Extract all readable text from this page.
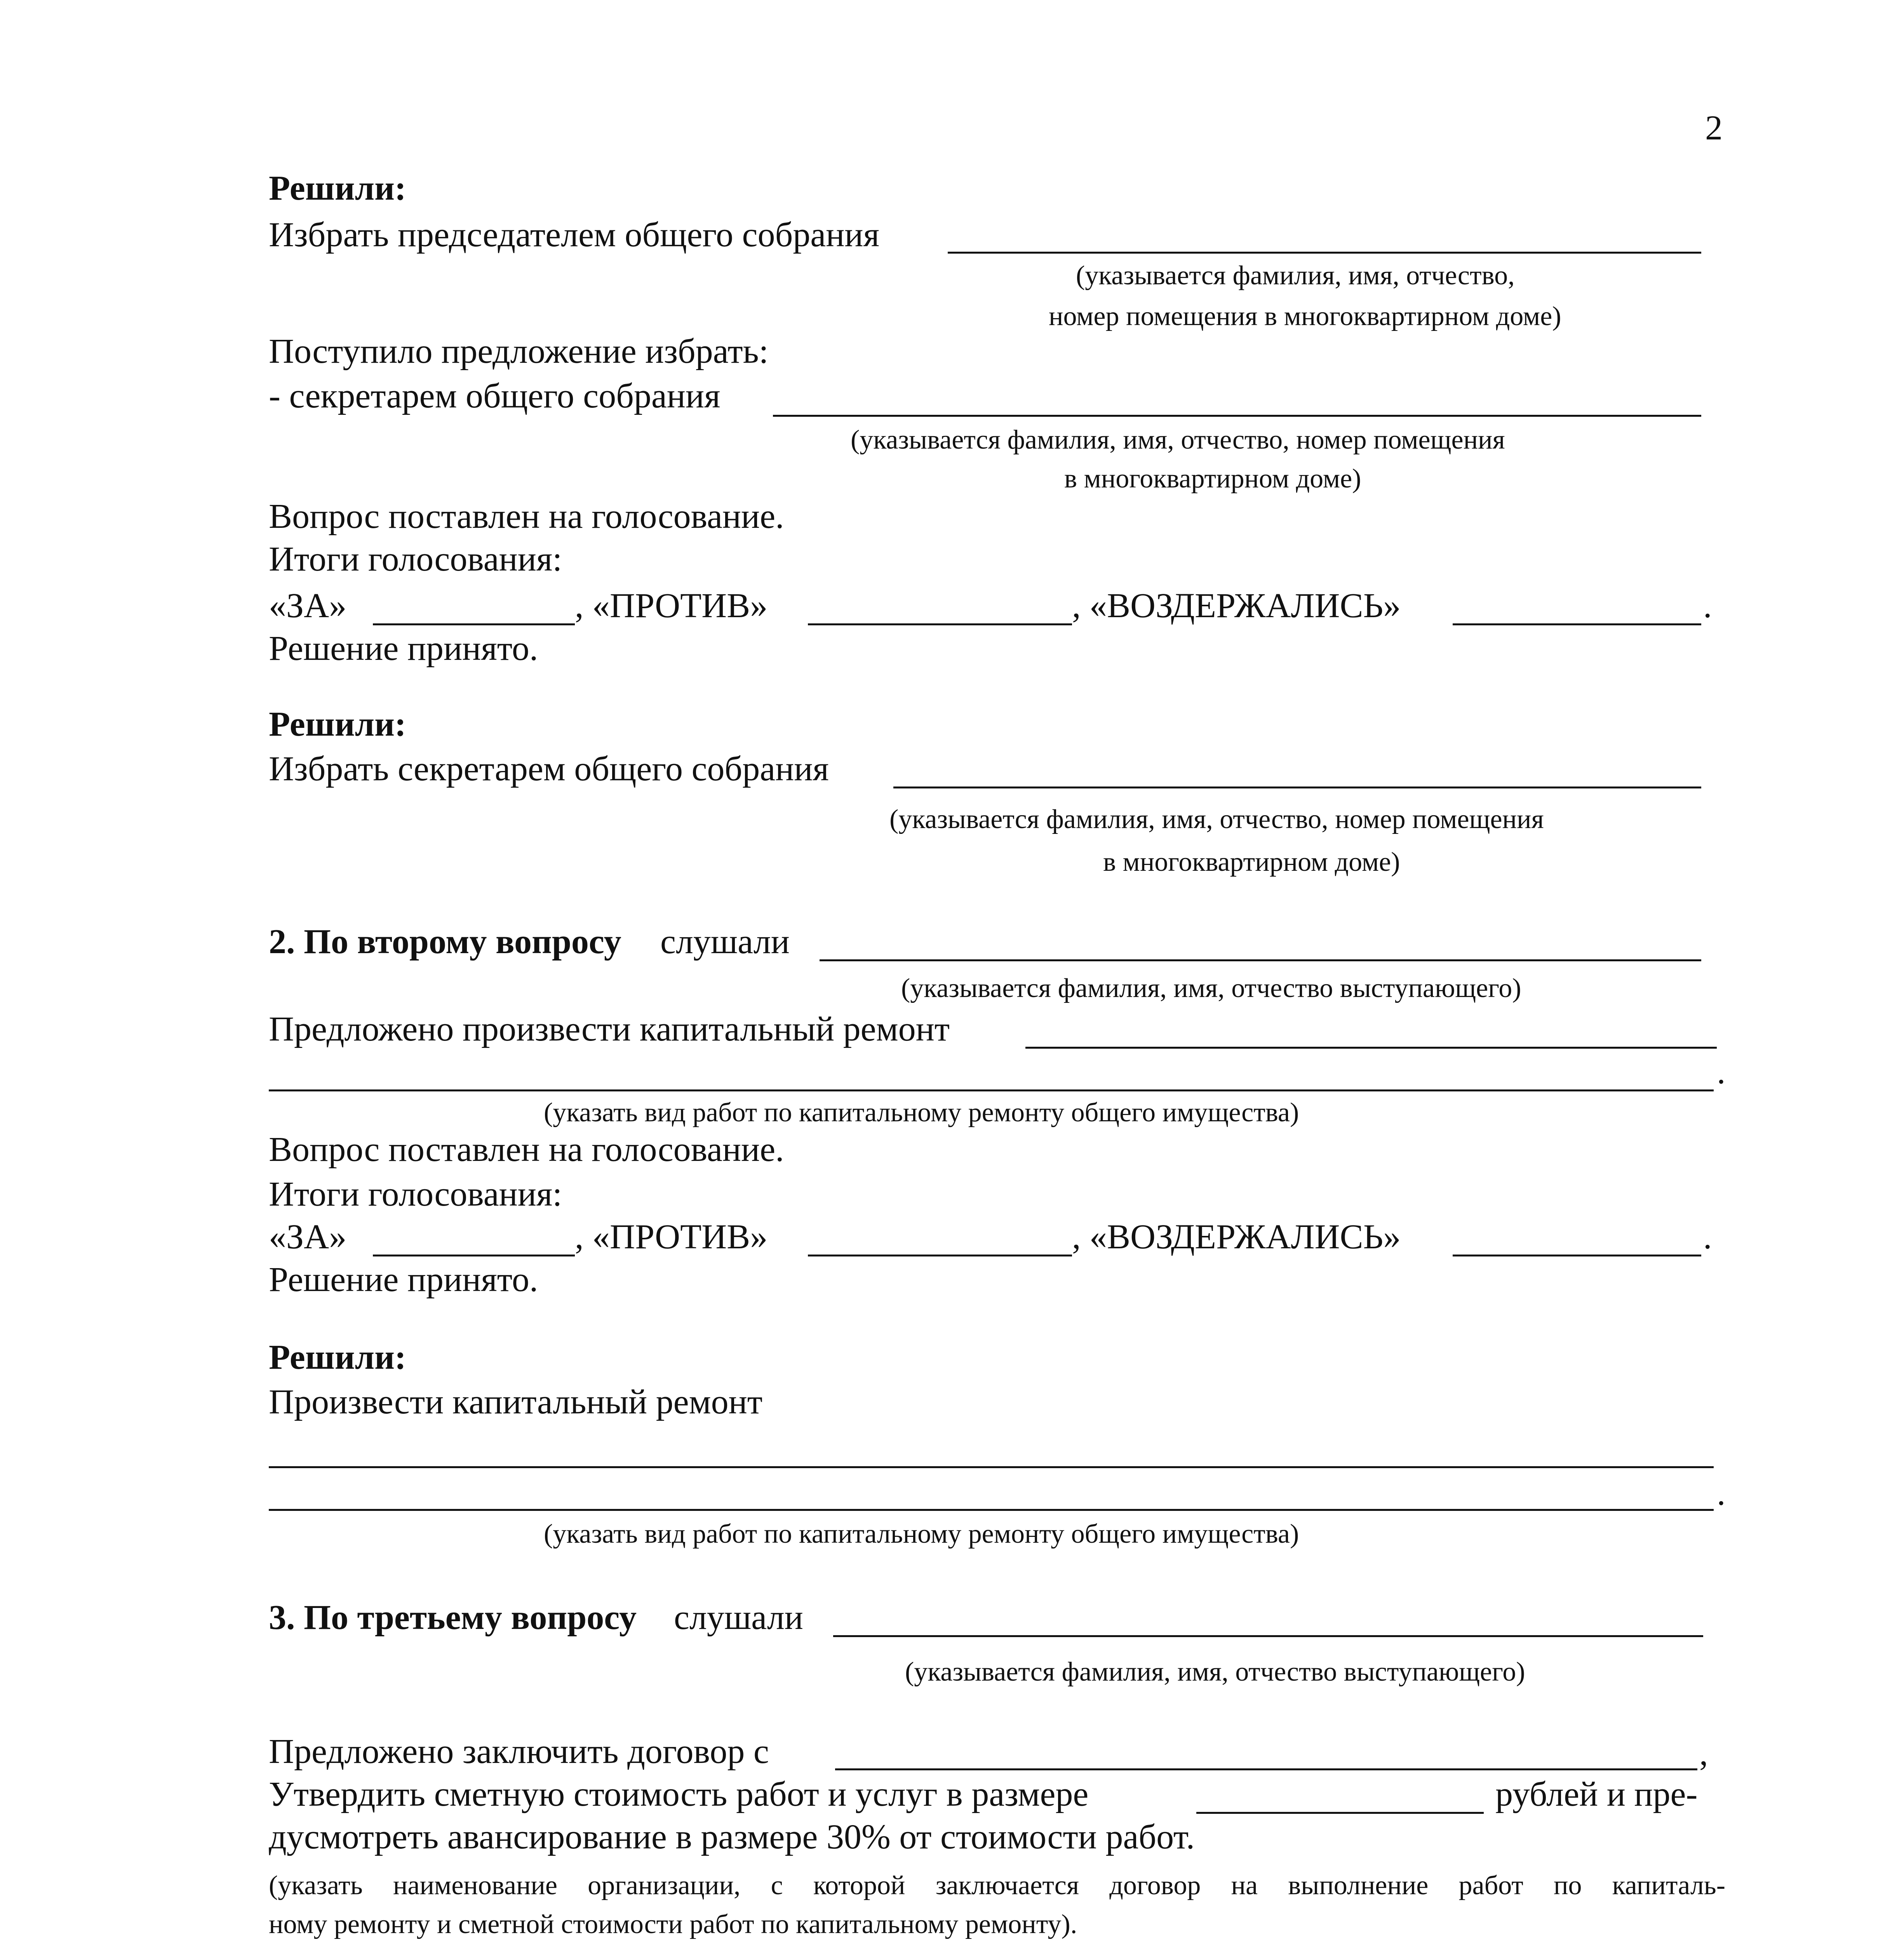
2
Решили:
Избрать председателем общего собрания
(указывается фамилия, имя, отчество,
номер помещения в многоквартирном доме)
Поступило предложение избрать:
- секретарем общего собрания
(указывается фамилия, имя, отчество, номер помещения
в многоквартирном доме)
Вопрос поставлен на голосование.
Итоги голосования:
«ЗА»	, «ПРОТИВ»	, «ВОЗДЕРЖАЛИСЬ»	.
Решение принято.
Решили:
Избрать секретарем общего собрания
(указывается фамилия, имя, отчество, номер помещения
в многоквартирном доме)
2. По второму вопросу слушали
(указывается фамилия, имя, отчество выступающего)
Предложено произвести капитальный ремонт
.
(указать вид работ по капитальному ремонту общего имущества)
Вопрос поставлен на голосование.
Итоги голосования:
«ЗА»	, «ПРОТИВ»	, «ВОЗДЕРЖАЛИСЬ»	.
Решение принято.
Решили:
Произвести капитальный ремонт
.
(указать вид работ по капитальному ремонту общего имущества)
3. По третьему вопросу слушали
(указывается фамилия, имя, отчество выступающего)
Предложено заключить договор с	,
Утвердить сметную стоимость работ и услуг в размере	рублей и пре-
дусмотреть авансирование в размере 30% от стоимости работ.
(указать наименование организации, с которой заключается договор на выполнение работ по капиталь-
ному ремонту и сметной стоимости работ по капитальному ремонту).
